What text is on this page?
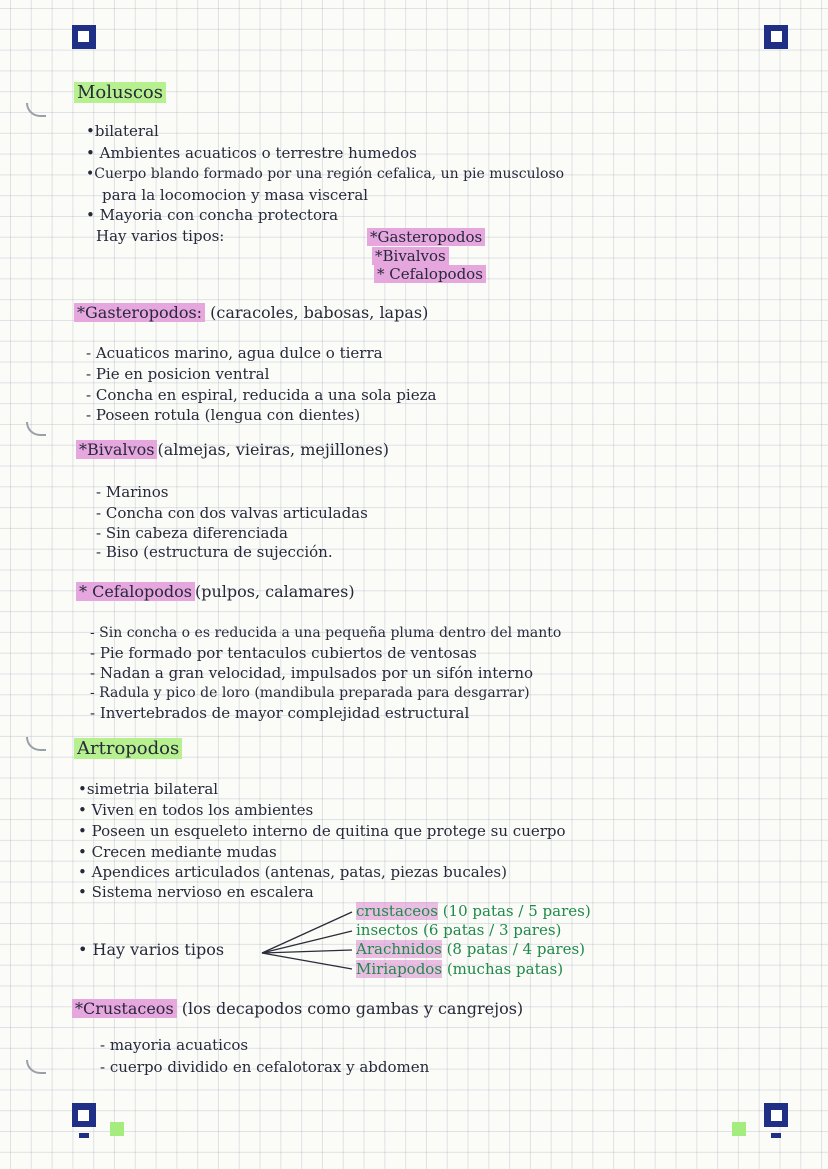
Moluscos
•bilateral
• Ambientes acuaticos o terrestre humedos
•Cuerpo blando formado por una región cefalica, un pie musculoso
para la locomocion y masa visceral
• Mayoria con concha protectora
Hay varios tipos:	*Gasteropodos
*Bivalvos
* Cefalopodos
*Gasteropodos: (caracoles, babosas, lapas)
- Acuaticos marino, agua dulce o tierra
- Pie en posicion ventral
- Concha en espiral, reducida a una sola pieza
- Poseen rotula (lengua con dientes)
*Bivalvos (almejas, vieiras, mejillones)
- Marinos
- Concha con dos valvas articuladas
- Sin cabeza diferenciada
- Biso (estructura de sujección.
* Cefalopodos (pulpos, calamares)
- Sin concha o es reducida a una pequeña pluma dentro del manto
- Pie formado por tentaculos cubiertos de ventosas
- Nadan a gran velocidad, impulsados por un sifón interno
- Radula y pico de loro (mandibula preparada para desgarrar)
- Invertebrados de mayor complejidad estructural
Artropodos
•simetria bilateral
• Viven en todos los ambientes
• Poseen un esqueleto interno de quitina que protege su cuerpo
• Crecen mediante mudas
• Apendices articulados (antenas, patas, piezas bucales)
• Sistema nervioso en escalera
• Hay varios tipos
crustaceos (10 patas / 5 pares)
insectos (6 patas / 3 pares)
Arachnidos (8 patas / 4 pares)
Miriapodos (muchas patas)
*Crustaceos (los decapodos como gambas y cangrejos)
- mayoria acuaticos
- cuerpo dividido en cefalotorax y abdomen
